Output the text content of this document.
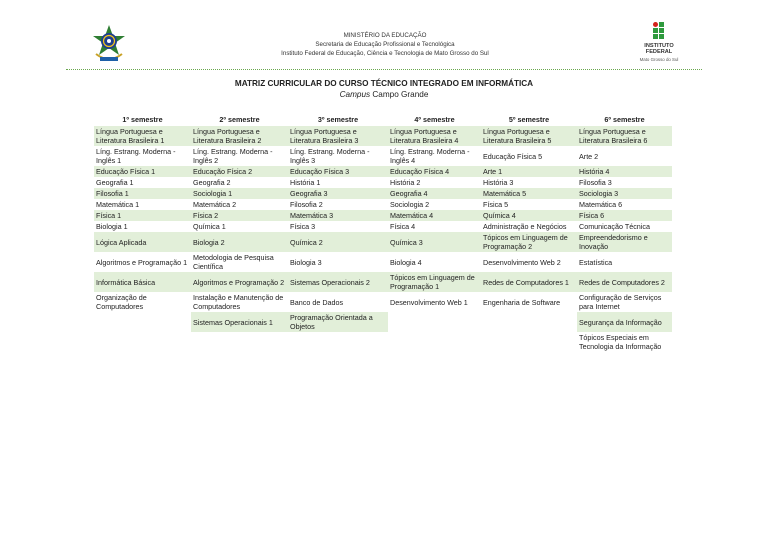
MINISTÉRIO DA EDUCAÇÃO
Secretaria de Educação Profissional e Tecnológica
Instituto Federal de Educação, Ciência e Tecnologia de Mato Grosso do Sul
INSTITUTO
FEDERAL
Mato Grosso do Sul
MATRIZ CURRICULAR DO CURSO TÉCNICO INTEGRADO EM INFORMÁTICA
Campus Campo Grande
1º semestre	2º semestre	3º semestre	4º semestre	5º semestre	6º semestre
Língua Portuguesa e Literatura Brasileira 1	Língua Portuguesa e Literatura Brasileira 2	Língua Portuguesa e Literatura Brasileira 3	Língua Portuguesa e Literatura Brasileira 4	Língua Portuguesa e Literatura Brasileira 5	Língua Portuguesa e Literatura Brasileira 6
Líng. Estrang. Moderna - Inglês 1	Líng. Estrang. Moderna - Inglês 2	Líng. Estrang. Moderna - Inglês 3	Líng. Estrang. Moderna - Inglês 4	Educação Física 5	Arte 2
Educação Física 1	Educação Física 2	Educação Física 3	Educação Física 4	Arte 1	História 4
Geografia 1	Geografia 2	História 1	História 2	História 3	Filosofia 3
Filosofia 1	Sociologia 1	Geografia 3	Geografia 4	Matemática 5	Sociologia 3
Matemática 1	Matemática 2	Filosofia 2	Sociologia 2	Física 5	Matemática 6
Física 1	Física 2	Matemática 3	Matemática 4	Química 4	Física 6
Biologia 1	Química 1	Física 3	Física 4	Administração e Negócios	Comunicação Técnica
Lógica Aplicada	Biologia 2	Química 2	Química 3	Tópicos em Linguagem de Programação 2	Empreendedorismo e Inovação
Algoritmos e Programação 1	Metodologia de Pesquisa Científica	Biologia 3	Biologia 4	Desenvolvimento Web 2	Estatística
Informática Básica	Algoritmos e Programação 2	Sistemas Operacionais 2	Tópicos em Linguagem de Programação 1	Redes de Computadores 1	Redes de Computadores 2
Organização de Computadores	Instalação e Manutenção de Computadores	Banco de Dados	Desenvolvimento Web 1	Engenharia de Software	Configuração de Serviços para Internet
	Sistemas Operacionais 1	Programação Orientada a Objetos			Segurança da Informação
					Tópicos Especiais em Tecnologia da Informação
